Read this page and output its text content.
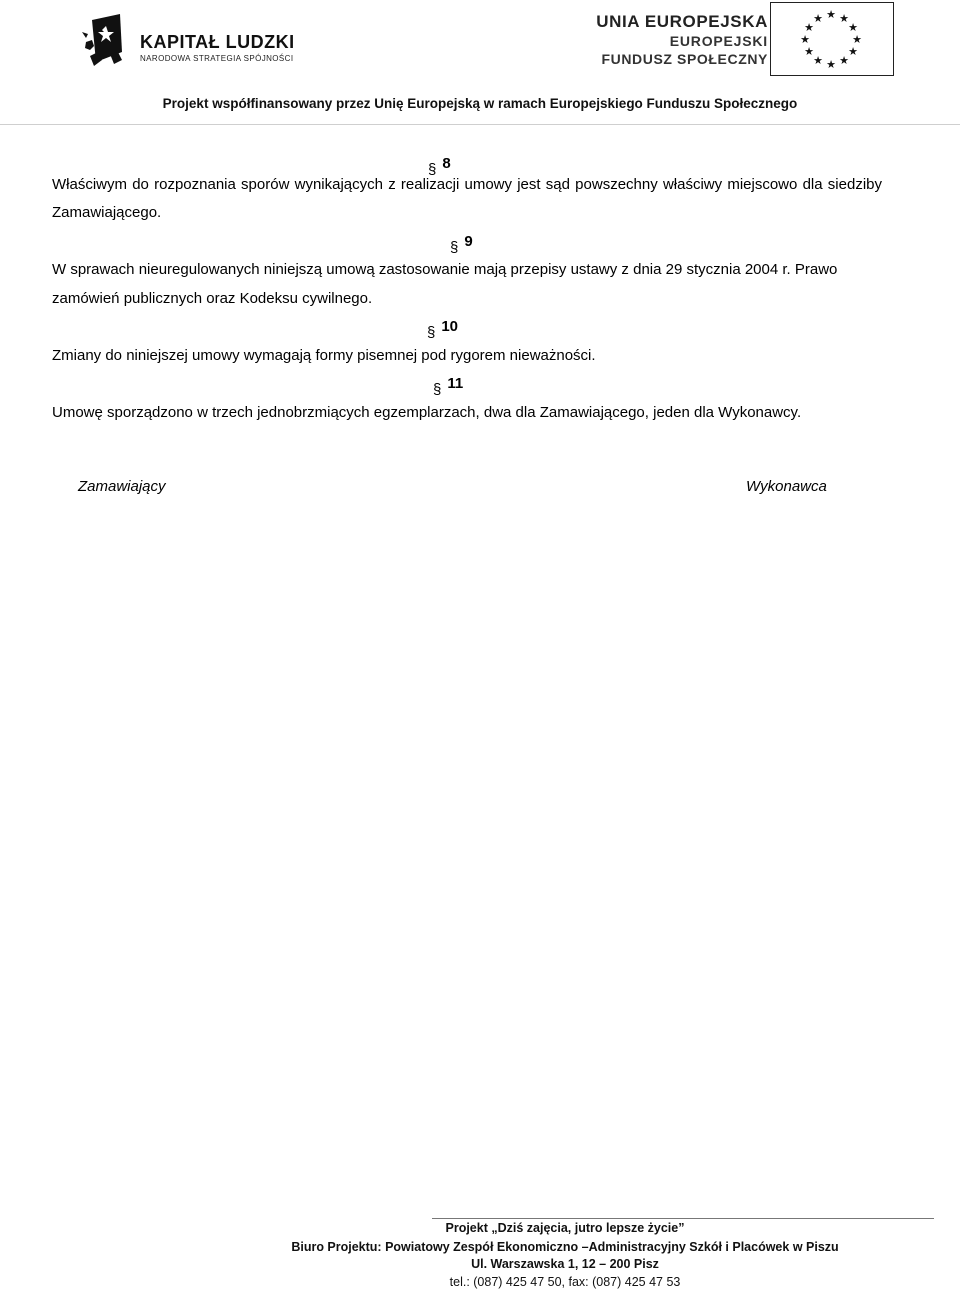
KAPITAŁ LUDZKI
NARODOWA STRATEGIA SPÓJNOŚCI
UNIA EUROPEJSKA
EUROPEJSKI
FUNDUSZ SPOŁECZNY
★ ★
★
★
★
★
★
★
★
★
★
★
Projekt współfinansowany przez Unię Europejską w ramach Europejskiego Funduszu Społecznego
§ 8

Właściwym do rozpoznania sporów wynikających z realizacji umowy jest sąd powszechny właściwy miejscowo dla siedziby Zamawiającego.

§ 9

W sprawach nieuregulowanych niniejszą umową zastosowanie mają przepisy ustawy z dnia 29 stycznia 2004 r. Prawo zamówień publicznych oraz Kodeksu cywilnego.

§ 10

Zmiany do niniejszej umowy wymagają formy pisemnej pod rygorem nieważności.

§ 11

Umowę sporządzono w trzech jednobrzmiących egzemplarzach, dwa dla Zamawiającego, jeden dla Wykonawcy.

Zamawiający	Wykonawca
Projekt „Dziś zajęcia, jutro lepsze życie”
Biuro Projektu: Powiatowy Zespół Ekonomiczno –Administracyjny Szkół i Placówek w Piszu
Ul. Warszawska 1, 12 – 200 Pisz
tel.: (087) 425 47 50, fax: (087) 425 47 53
